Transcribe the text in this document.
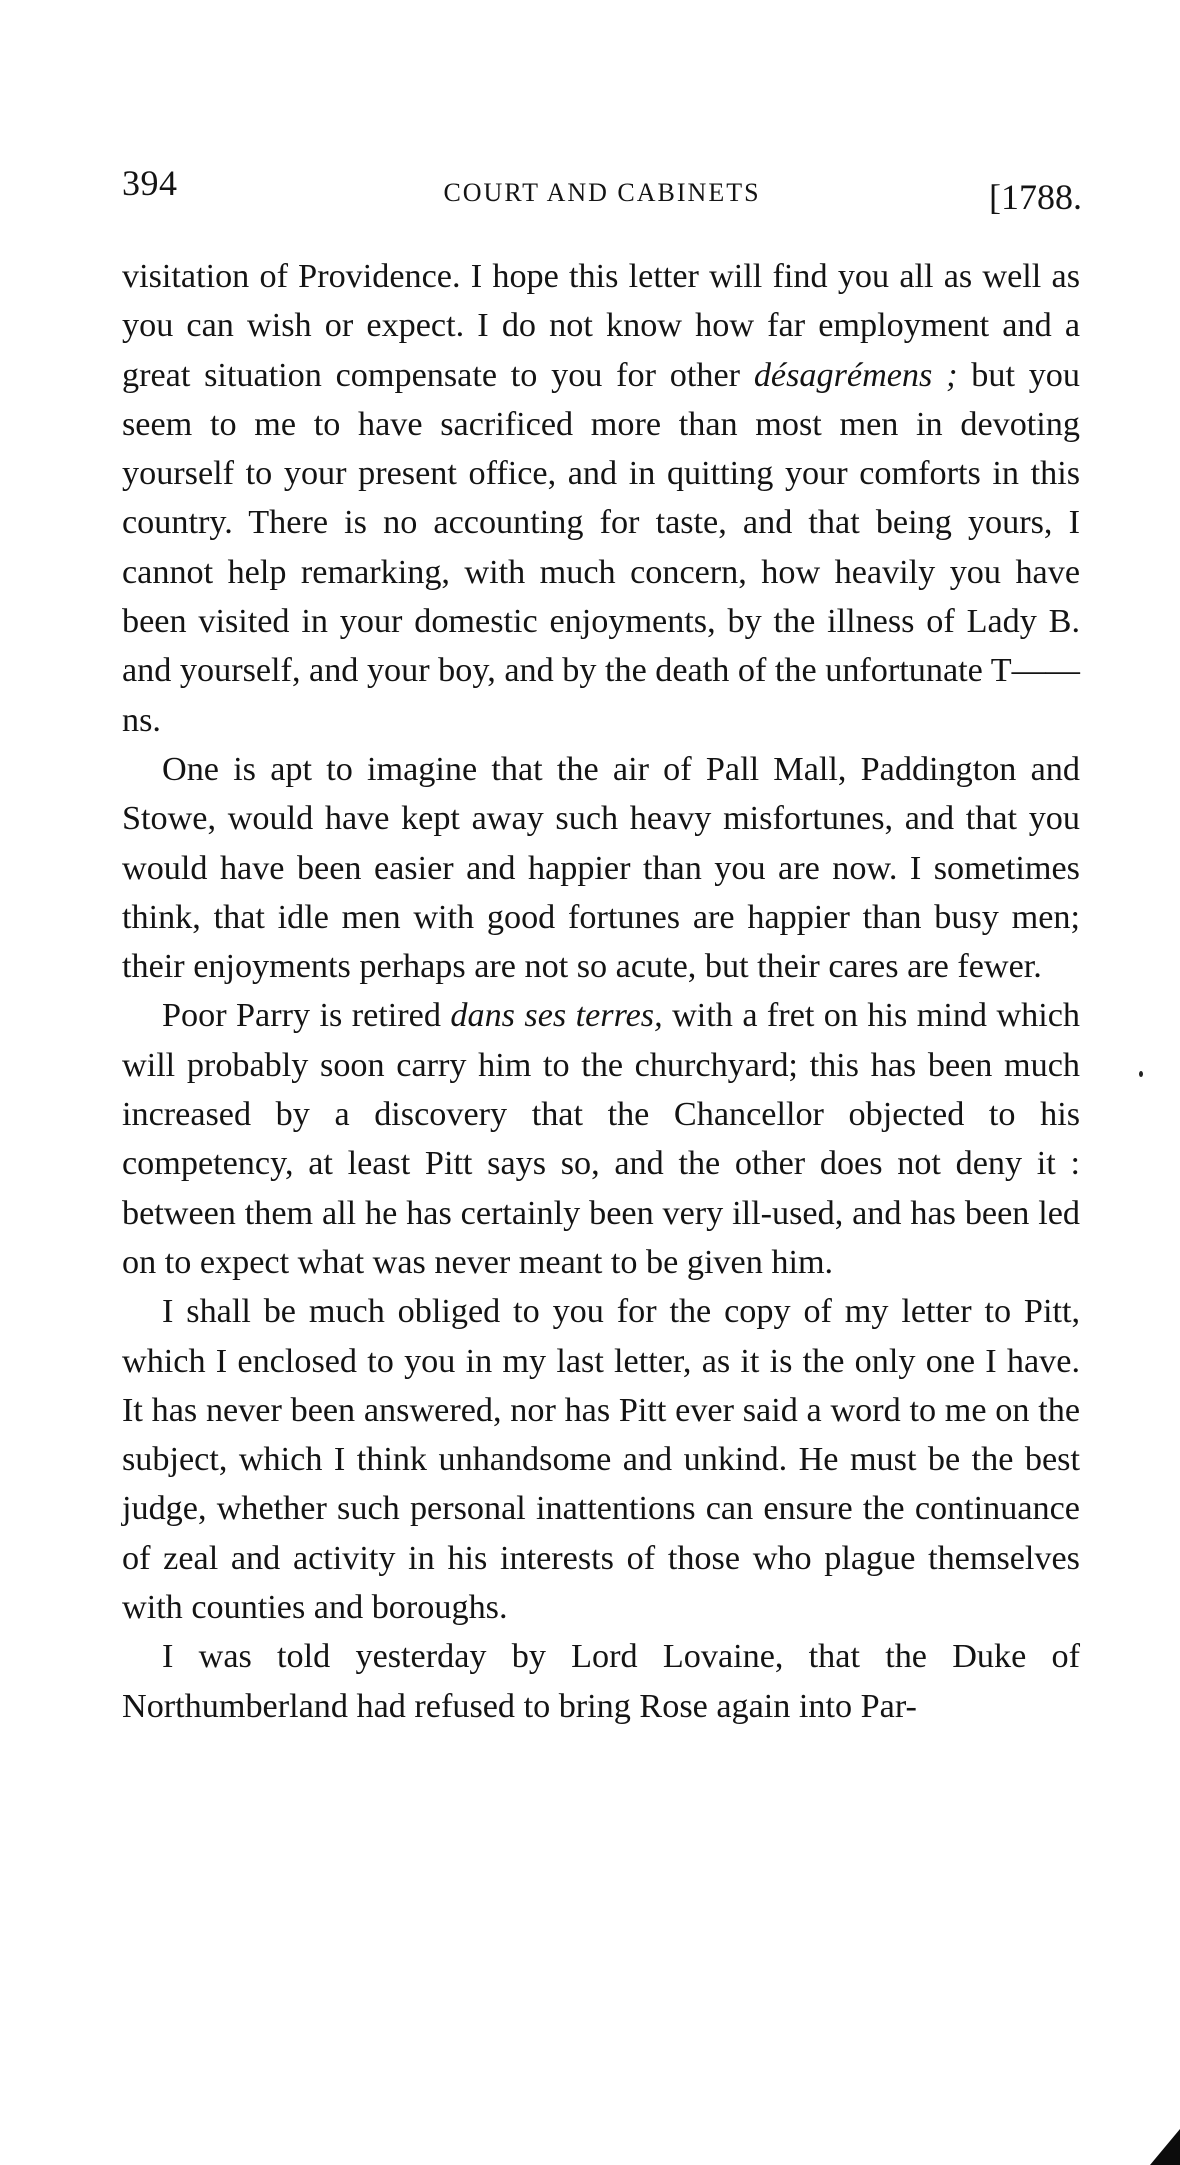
394	COURT AND CABINETS	[1788.

visitation of Providence. I hope this letter will find you all as well as you can wish or expect. I do not know how far employment and a great situation compensate to you for other désagrémens ; but you seem to me to have sacrificed more than most men in devoting yourself to your present office, and in quitting your comforts in this country. There is no accounting for taste, and that being yours, I cannot help remarking, with much concern, how heavily you have been visited in your domestic enjoyments, by the illness of Lady B. and yourself, and your boy, and by the death of the unfortunate T——ns.

One is apt to imagine that the air of Pall Mall, Paddington and Stowe, would have kept away such heavy misfortunes, and that you would have been easier and happier than you are now. I sometimes think, that idle men with good fortunes are happier than busy men; their enjoyments perhaps are not so acute, but their cares are fewer.

Poor Parry is retired dans ses terres, with a fret on his mind which will probably soon carry him to the churchyard; this has been much increased by a discovery that the Chancellor objected to his competency, at least Pitt says so, and the other does not deny it : between them all he has certainly been very ill-used, and has been led on to expect what was never meant to be given him.

I shall be much obliged to you for the copy of my letter to Pitt, which I enclosed to you in my last letter, as it is the only one I have. It has never been answered, nor has Pitt ever said a word to me on the subject, which I think unhandsome and unkind. He must be the best judge, whether such personal inattentions can ensure the continuance of zeal and activity in his interests of those who plague themselves with counties and boroughs.

I was told yesterday by Lord Lovaine, that the Duke of Northumberland had refused to bring Rose again into Par-
